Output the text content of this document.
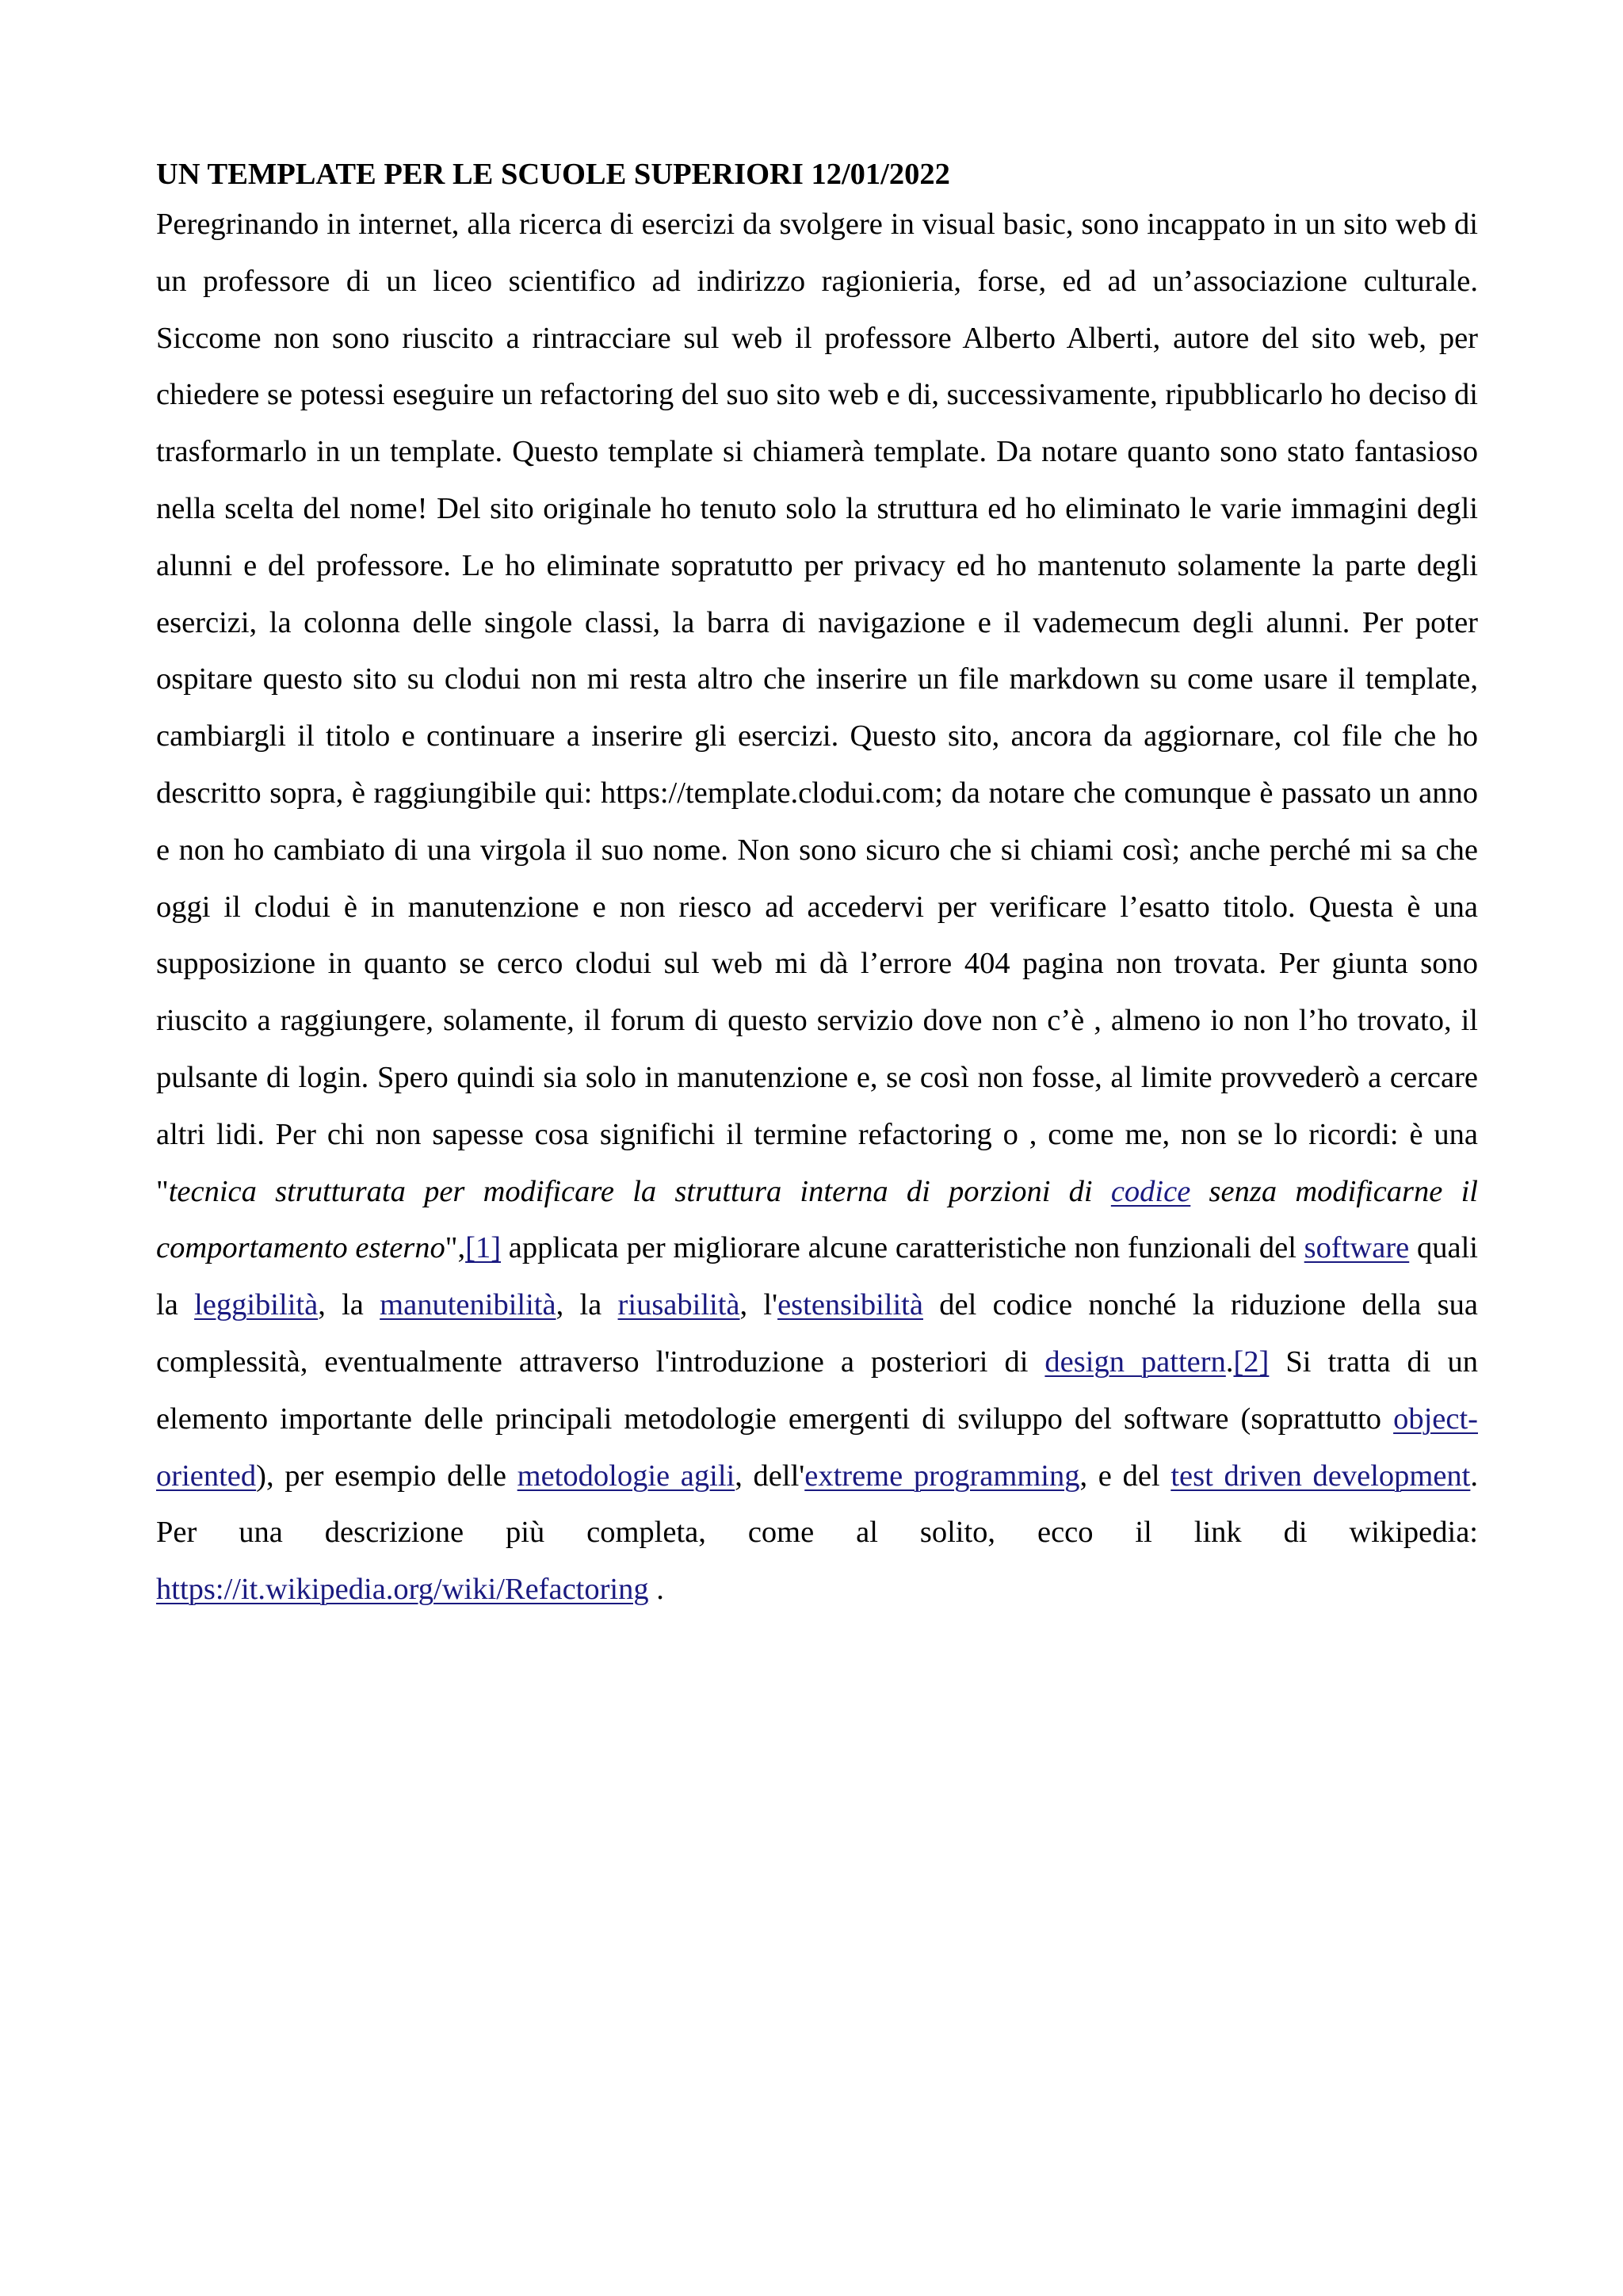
UN TEMPLATE PER LE SCUOLE SUPERIORI 12/01/2022

Peregrinando in internet, alla ricerca di esercizi da svolgere in visual basic, sono incappato in un sito web di un professore di un liceo scientifico ad indirizzo ragionieria, forse, ed ad un’associazione culturale. Siccome non sono riuscito a rintracciare sul web il professore Alberto Alberti, autore del sito web, per chiedere se potessi eseguire un refactoring del suo sito web e di, successivamente, ripubblicarlo ho deciso di trasformarlo in un template. Questo template si chiamerà template. Da notare quanto sono stato fantasioso nella scelta del nome! Del sito originale ho tenuto solo la struttura ed ho eliminato le varie immagini degli alunni e del professore. Le ho eliminate sopratutto per privacy ed ho mantenuto solamente la parte degli esercizi, la colonna delle singole classi, la barra di navigazione e il vademecum degli alunni. Per poter ospitare questo sito su clodui non mi resta altro che inserire un file markdown su come usare il template, cambiargli il titolo e continuare a inserire gli esercizi. Questo sito, ancora da aggiornare, col file che ho descritto sopra, è raggiungibile qui: https://template.clodui.com; da notare che comunque è passato un anno e non ho cambiato di una virgola il suo nome. Non sono sicuro che si chiami così; anche perché mi sa che oggi il clodui è in manutenzione e non riesco ad accedervi per verificare l’esatto titolo. Questa è una supposizione in quanto se cerco clodui sul web mi dà l’errore 404 pagina non trovata. Per giunta sono riuscito a raggiungere, solamente, il forum di questo servizio dove non c’è , almeno io non l’ho trovato, il pulsante di login. Spero quindi sia solo in manutenzione e, se così non fosse, al limite provvederò a cercare altri lidi. Per chi non sapesse cosa significhi il termine refactoring o , come me, non se lo ricordi: è una "tecnica strutturata per modificare la struttura interna di porzioni di codice senza modificarne il comportamento esterno",[1] applicata per migliorare alcune caratteristiche non funzionali del software quali la leggibilità, la manutenibilità, la riusabilità, l'estensibilità del codice nonché la riduzione della sua complessità, eventualmente attraverso l'introduzione a posteriori di design pattern.[2] Si tratta di un elemento importante delle principali metodologie emergenti di sviluppo del software (soprattutto object-oriented), per esempio delle metodologie agili, dell'extreme programming, e del test driven development. Per una descrizione più completa, come al solito, ecco il link di wikipedia: https://it.wikipedia.org/wiki/Refactoring .
